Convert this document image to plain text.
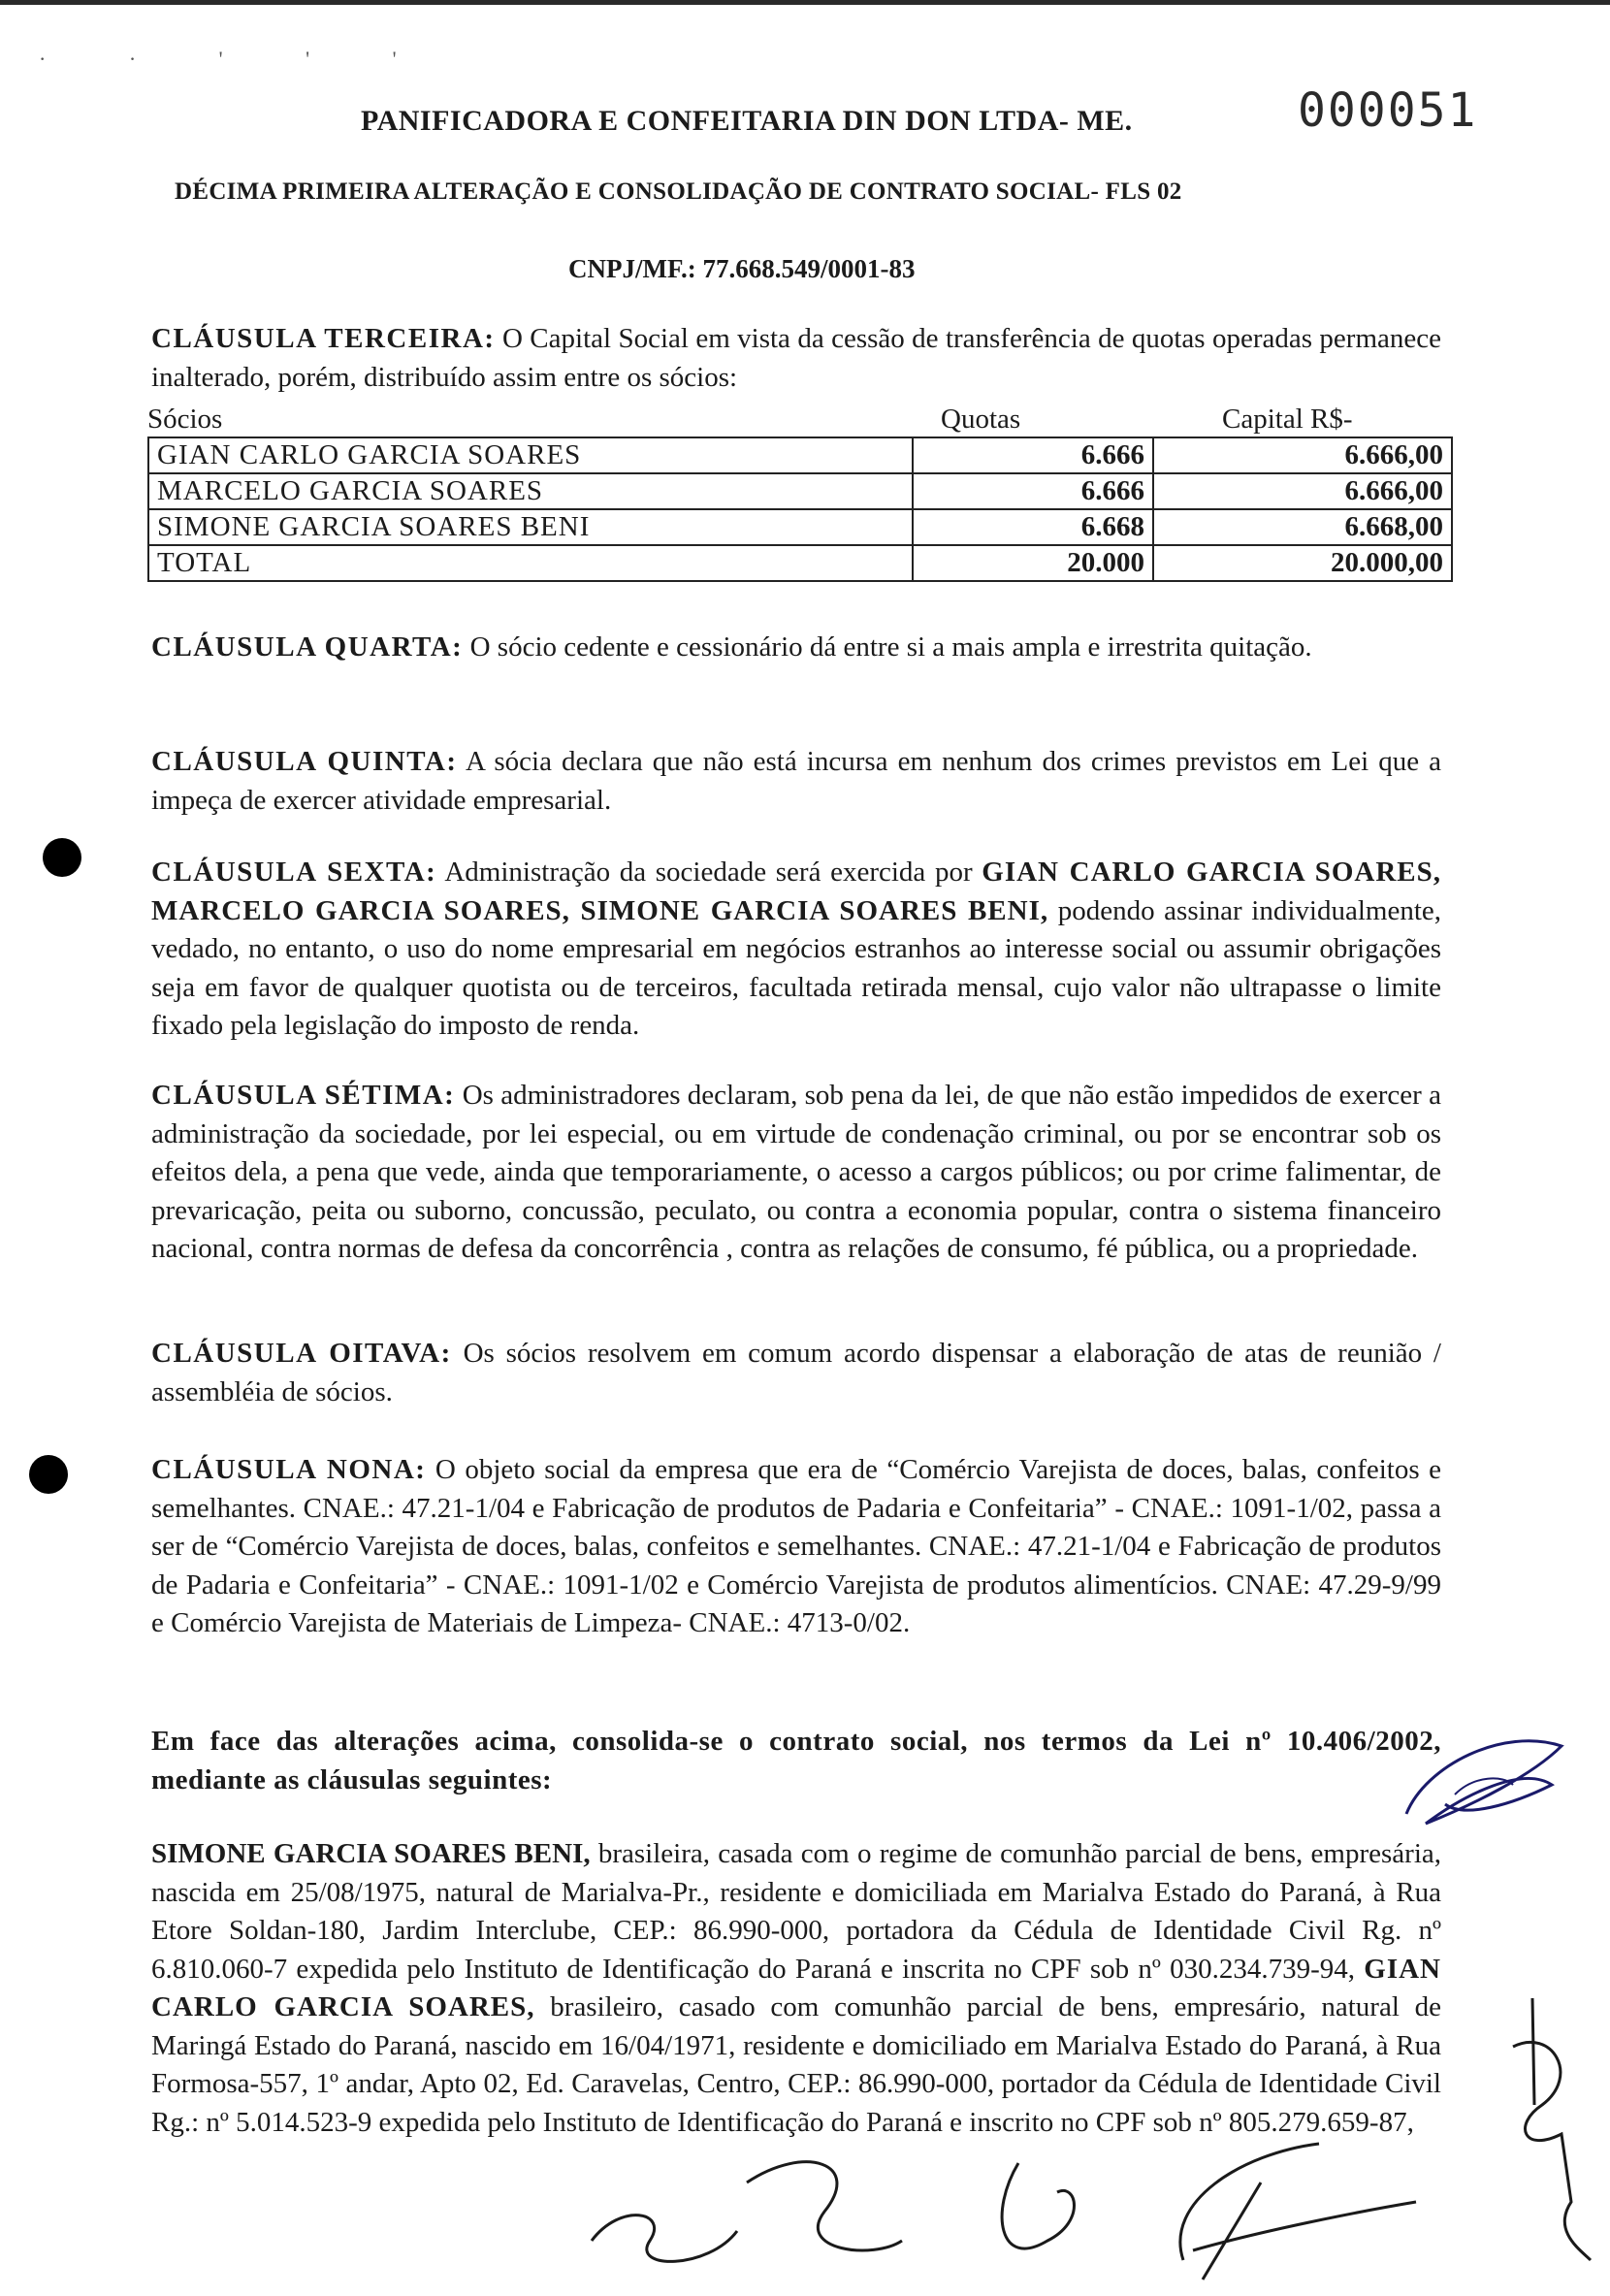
· · ' ' '
PANIFICADORA E CONFEITARIA DIN DON LTDA- ME.	000051
DÉCIMA PRIMEIRA ALTERAÇÃO E CONSOLIDAÇÃO DE CONTRATO SOCIAL- FLS 02
CNPJ/MF.: 77.668.549/0001-83
CLÁUSULA TERCEIRA: O Capital Social em vista da cessão de transferência de quotas operadas permanece inalterado, porém, distribuído assim entre os sócios:
Sócios	Quotas	Capital R$-
GIAN CARLO GARCIA SOARES	6.666	6.666,00
MARCELO GARCIA SOARES	6.666	6.666,00
SIMONE GARCIA SOARES BENI	6.668	6.668,00
TOTAL	20.000	20.000,00
CLÁUSULA QUARTA: O sócio cedente e cessionário dá entre si a mais ampla e irrestrita quitação.
CLÁUSULA QUINTA: A sócia declara que não está incursa em nenhum dos crimes previstos em Lei que a impeça de exercer atividade empresarial.
CLÁUSULA SEXTA: Administração da sociedade será exercida por GIAN CARLO GARCIA SOARES, MARCELO GARCIA SOARES, SIMONE GARCIA SOARES BENI, podendo assinar individualmente, vedado, no entanto, o uso do nome empresarial em negócios estranhos ao interesse social ou assumir obrigações seja em favor de qualquer quotista ou de terceiros, facultada retirada mensal, cujo valor não ultrapasse o limite fixado pela legislação do imposto de renda.
CLÁUSULA SÉTIMA: Os administradores declaram, sob pena da lei, de que não estão impedidos de exercer a administração da sociedade, por lei especial, ou em virtude de condenação criminal, ou por se encontrar sob os efeitos dela, a pena que vede, ainda que temporariamente, o acesso a cargos públicos; ou por crime falimentar, de prevaricação, peita ou suborno, concussão, peculato, ou contra a economia popular, contra o sistema financeiro nacional, contra normas de defesa da concorrência , contra as relações de consumo, fé pública, ou a propriedade.
CLÁUSULA OITAVA: Os sócios resolvem em comum acordo dispensar a elaboração de atas de reunião / assembléia de sócios.
CLÁUSULA NONA: O objeto social da empresa que era de “Comércio Varejista de doces, balas, confeitos e semelhantes. CNAE.: 47.21-1/04 e Fabricação de produtos de Padaria e Confeitaria” - CNAE.: 1091-1/02, passa a ser de “Comércio Varejista de doces, balas, confeitos e semelhantes. CNAE.: 47.21-1/04 e Fabricação de produtos de Padaria e Confeitaria” - CNAE.: 1091-1/02 e Comércio Varejista de produtos alimentícios. CNAE: 47.29-9/99 e Comércio Varejista de Materiais de Limpeza- CNAE.: 4713-0/02.
Em face das alterações acima, consolida-se o contrato social, nos termos da Lei nº 10.406/2002, mediante as cláusulas seguintes:
SIMONE GARCIA SOARES BENI, brasileira, casada com o regime de comunhão parcial de bens, empresária, nascida em 25/08/1975, natural de Marialva-Pr., residente e domiciliada em Marialva Estado do Paraná, à Rua Etore Soldan-180, Jardim Interclube, CEP.: 86.990-000, portadora da Cédula de Identidade Civil Rg. nº 6.810.060-7 expedida pelo Instituto de Identificação do Paraná e inscrita no CPF sob nº 030.234.739-94, GIAN CARLO GARCIA SOARES, brasileiro, casado com comunhão parcial de bens, empresário, natural de Maringá Estado do Paraná, nascido em 16/04/1971, residente e domiciliado em Marialva Estado do Paraná, à Rua Formosa-557, 1º andar, Apto 02, Ed. Caravelas, Centro, CEP.: 86.990-000, portador da Cédula de Identidade Civil Rg.: nº 5.014.523-9 expedida pelo Instituto de Identificação do Paraná e inscrito no CPF sob nº 805.279.659-87,
